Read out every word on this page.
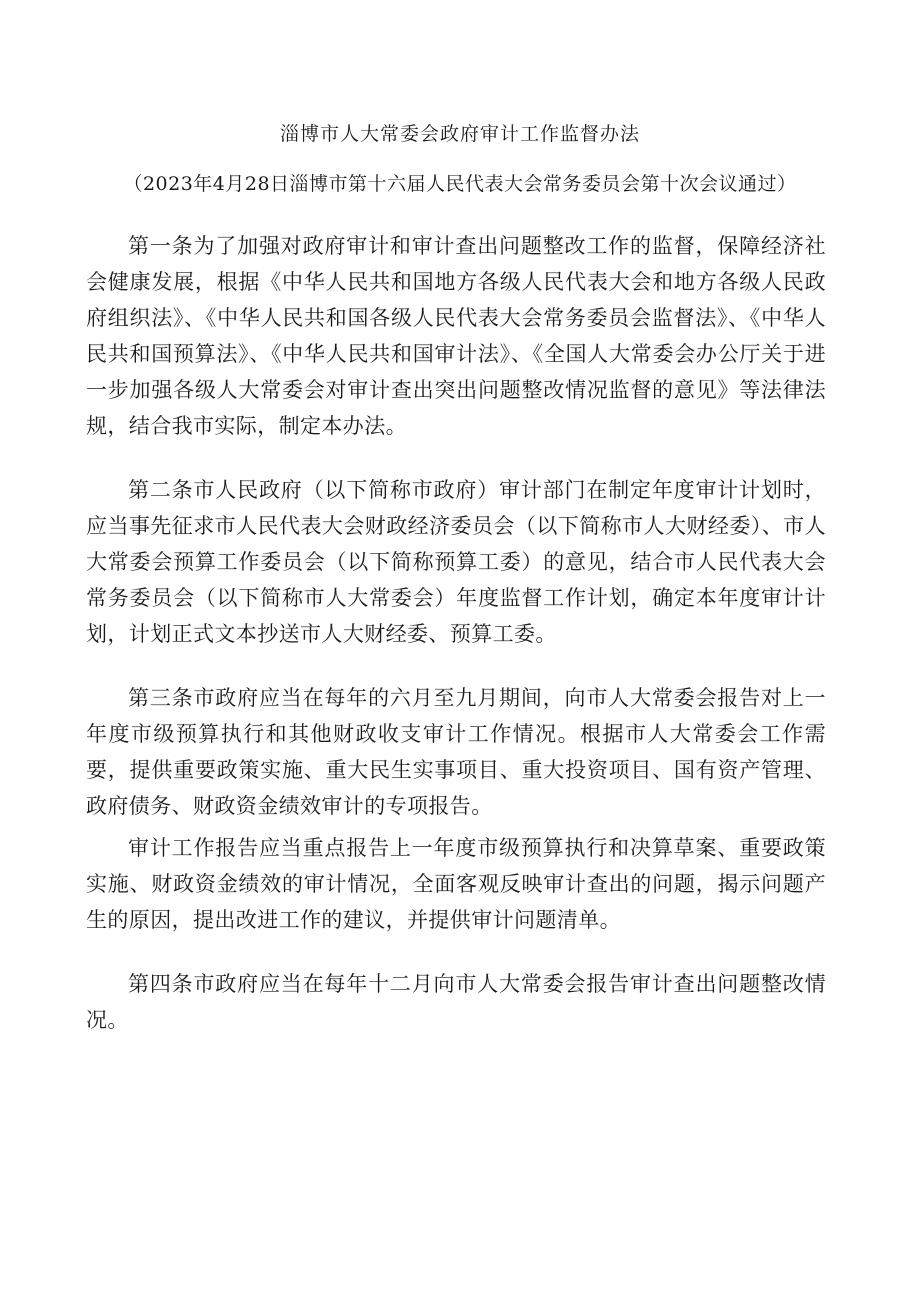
淄博市人大常委会政府审计工作监督办法

（2023年4月28日淄博市第十六届人民代表大会常务委员会第十次会议通过）

第一条为了加强对政府审计和审计查出问题整改工作的监督，保障经济社会健康发展，根据《中华人民共和国地方各级人民代表大会和地方各级人民政府组织法》、《中华人民共和国各级人民代表大会常务委员会监督法》、《中华人民共和国预算法》、《中华人民共和国审计法》、《全国人大常委会办公厅关于进一步加强各级人大常委会对审计查出突出问题整改情况监督的意见》等法律法规，结合我市实际，制定本办法。

第二条市人民政府（以下简称市政府）审计部门在制定年度审计计划时，应当事先征求市人民代表大会财政经济委员会（以下简称市人大财经委）、市人大常委会预算工作委员会（以下简称预算工委）的意见，结合市人民代表大会常务委员会（以下简称市人大常委会）年度监督工作计划，确定本年度审计计划，计划正式文本抄送市人大财经委、预算工委。

第三条市政府应当在每年的六月至九月期间，向市人大常委会报告对上一年度市级预算执行和其他财政收支审计工作情况。根据市人大常委会工作需要，提供重要政策实施、重大民生实事项目、重大投资项目、国有资产管理、政府债务、财政资金绩效审计的专项报告。

审计工作报告应当重点报告上一年度市级预算执行和决算草案、重要政策实施、财政资金绩效的审计情况，全面客观反映审计查出的问题，揭示问题产生的原因，提出改进工作的建议，并提供审计问题清单。

第四条市政府应当在每年十二月向市人大常委会报告审计查出问题整改情况。
